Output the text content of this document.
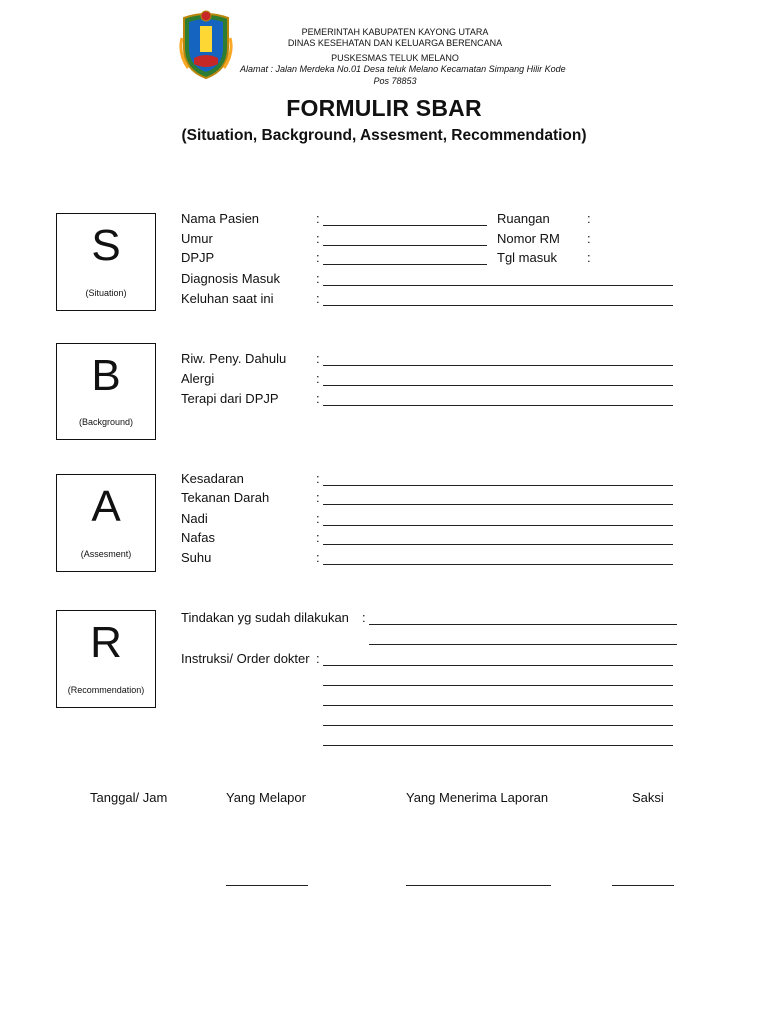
PEMERINTAH KABUPATEN KAYONG UTARA
DINAS KESEHATAN DAN KELUARGA BERENCANA
PUSKESMAS TELUK MELANO
Alamat : Jalan Merdeka No.01 Desa teluk Melano Kecamatan Simpang Hilir Kode
Pos 78853
FORMULIR SBAR
(Situation, Background, Assesment, Recommendation)
S
(Situation)
B
(Background)
A
(Assesment)
R
(Recommendation)
Nama Pasien	:	Ruangan	:
Umur	:	Nomor RM :
DPJP	:	Tgl masuk :
Diagnosis Masuk	:
Keluhan saat ini	:
Riw. Peny. Dahulu :
Alergi	:
Terapi dari DPJP	:
Kesadaran	:
Tekanan Darah	:
Nadi	:
Nafas	:
Suhu	:
Tindakan yg sudah dilakukan :
Instruksi/ Order dokter :
Tanggal/ Jam	Yang Melapor	Yang Menerima Laporan	Saksi
